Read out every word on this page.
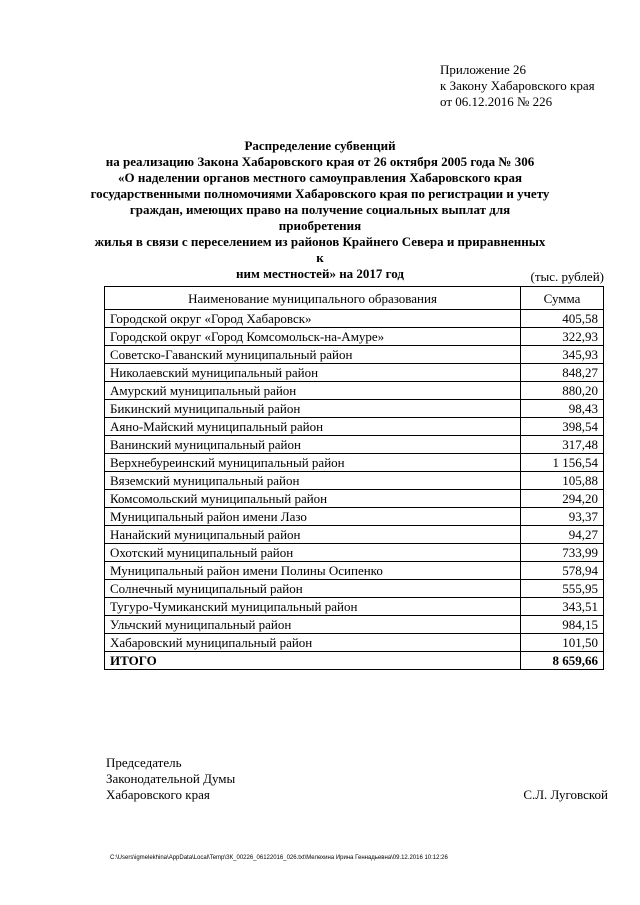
Приложение 26
к Закону Хабаровского края
от 06.12.2016 № 226
Распределение субвенций
на реализацию Закона Хабаровского края от 26 октября 2005 года № 306
«О наделении органов местного самоуправления Хабаровского края
государственными полномочиями Хабаровского края по регистрации и учету
граждан, имеющих право на получение социальных выплат для приобретения
жилья в связи с переселением из районов Крайнего Севера и приравненных к
ним местностей» на 2017 год	(тыс. рублей)
Наименование муниципального образования	Сумма
Городской округ «Город Хабаровск»	405,58
Городской округ «Город Комсомольск-на-Амуре»	322,93
Советско-Гаванский муниципальный район	345,93
Николаевский муниципальный район	848,27
Амурский муниципальный район	880,20
Бикинский муниципальный район	98,43
Аяно-Майский муниципальный район	398,54
Ванинский муниципальный район	317,48
Верхнебуреинский муниципальный район	1 156,54
Вяземский муниципальный район	105,88
Комсомольский муниципальный район	294,20
Муниципальный район имени Лазо	93,37
Нанайский муниципальный район	94,27
Охотский муниципальный район	733,99
Муниципальный район имени Полины Осипенко	578,94
Солнечный муниципальный район	555,95
Тугуро-Чумиканский муниципальный район	343,51
Ульчский муниципальный район	984,15
Хабаровский муниципальный район	101,50
ИТОГО	8 659,66
Председатель
Законодательной Думы
Хабаровского края	С.Л. Луговской
C:\Users\igmelekhina\AppData\Local\Temp\ЗК_00226_06122016_026.txt\Мелехина Ирина Геннадьевна\09.12.2016 10:12:26
